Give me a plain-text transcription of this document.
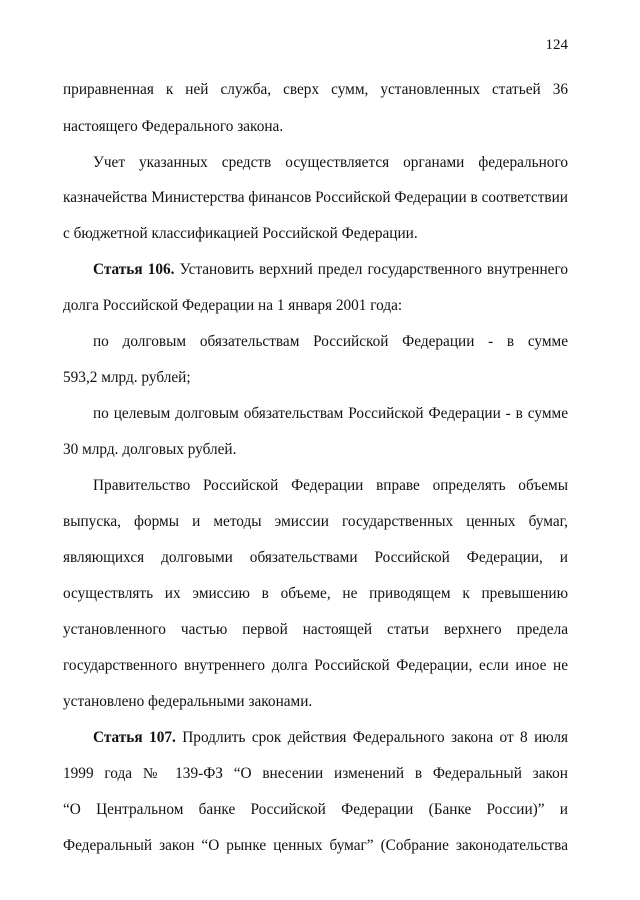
124
приравненная к ней служба, сверх сумм, установленных статьей 36
настоящего Федерального закона.
Учет указанных средств осуществляется органами федерального
казначейства Министерства финансов Российской Федерации в соответствии
с бюджетной классификацией Российской Федерации.
Статья 106. Установить верхний предел государственного внутреннего
долга Российской Федерации на 1 января 2001 года:
по долговым обязательствам Российской Федерации - в сумме
593,2 млрд. рублей;
по целевым долговым обязательствам Российской Федерации - в сумме
30 млрд. долговых рублей.
Правительство Российской Федерации вправе определять объемы
выпуска, формы и методы эмиссии государственных ценных бумаг,
являющихся долговыми обязательствами Российской Федерации, и
осуществлять их эмиссию в объеме, не приводящем к превышению
установленного частью первой настоящей статьи верхнего предела
государственного внутреннего долга Российской Федерации, если иное не
установлено федеральными законами.
Статья 107. Продлить срок действия Федерального закона от 8 июля
1999 года № 139-ФЗ “О внесении изменений в Федеральный закон
“О Центральном банке Российской Федерации (Банке России)” и
Федеральный закон “О рынке ценных бумаг” (Собрание законодательства
